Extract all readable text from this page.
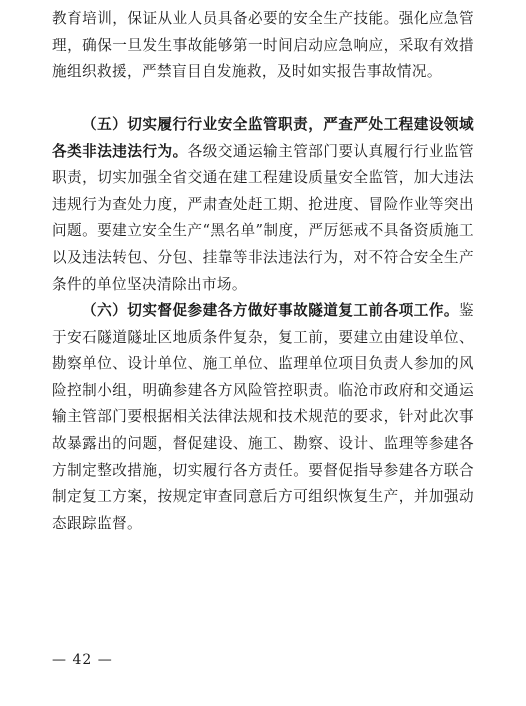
教育培训，保证从业人员具备必要的安全生产技能。强化应急管理，确保一旦发生事故能够第一时间启动应急响应，采取有效措施组织救援，严禁盲目自发施救，及时如实报告事故情况。

（五）切实履行行业安全监管职责，严查严处工程建设领域各类非法违法行为。各级交通运输主管部门要认真履行行业监管职责，切实加强全省交通在建工程建设质量安全监管，加大违法违规行为查处力度，严肃查处赶工期、抢进度、冒险作业等突出问题。要建立安全生产“黑名单”制度，严厉惩戒不具备资质施工以及违法转包、分包、挂靠等非法违法行为，对不符合安全生产条件的单位坚决清除出市场。

（六）切实督促参建各方做好事故隧道复工前各项工作。鉴于安石隧道隧址区地质条件复杂，复工前，要建立由建设单位、勘察单位、设计单位、施工单位、监理单位项目负责人参加的风险控制小组，明确参建各方风险管控职责。临沧市政府和交通运输主管部门要根据相关法律法规和技术规范的要求，针对此次事故暴露出的问题，督促建设、施工、勘察、设计、监理等参建各方制定整改措施，切实履行各方责任。要督促指导参建各方联合制定复工方案，按规定审查同意后方可组织恢复生产，并加强动态跟踪监督。

— 42 —
